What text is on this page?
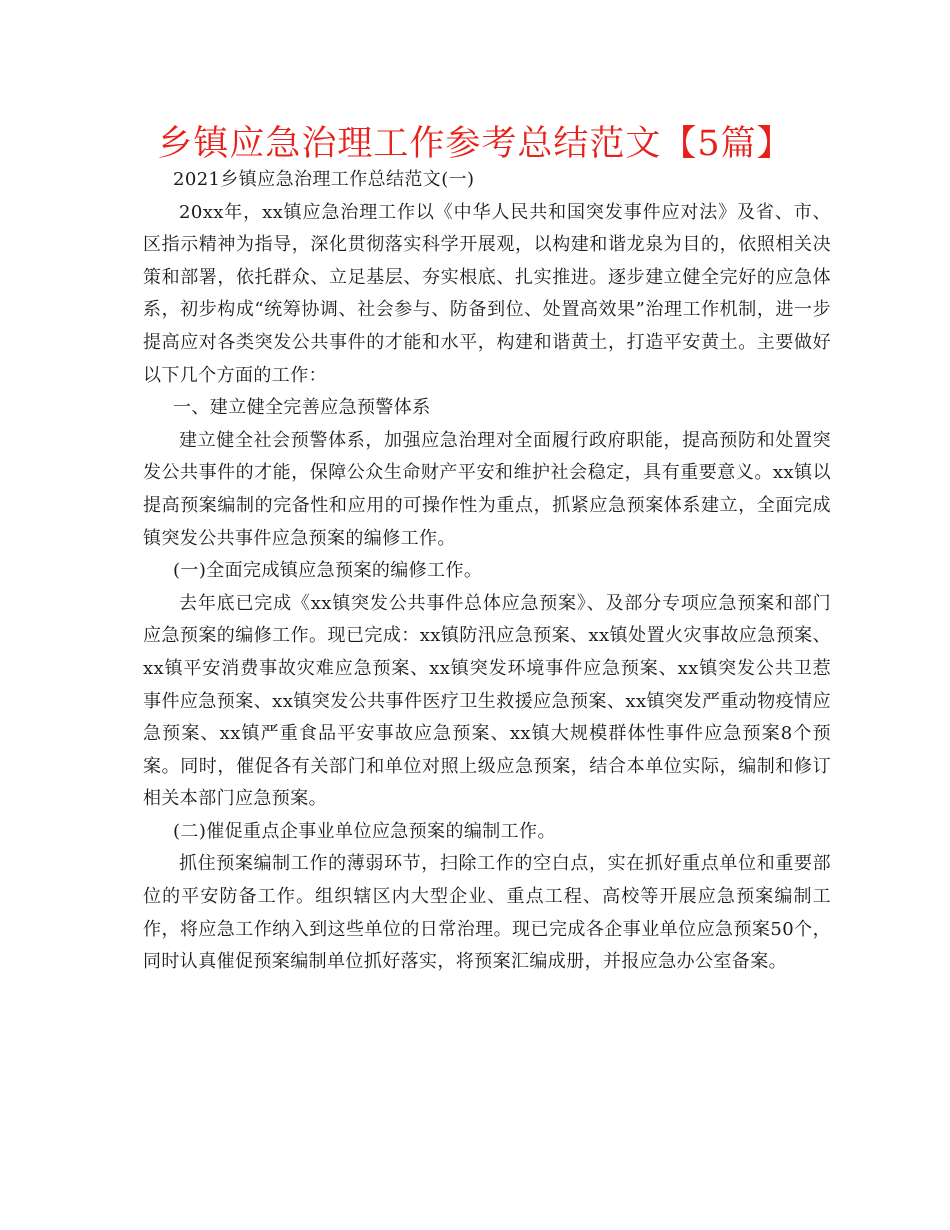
乡镇应急治理工作参考总结范文【5篇】

2021乡镇应急治理工作总结范文(一)

20xx年，xx镇应急治理工作以《中华人民共和国突发事件应对法》及省、市、区指示精神为指导，深化贯彻落实科学开展观，以构建和谐龙泉为目的，依照相关决策和部署，依托群众、立足基层、夯实根底、扎实推进。逐步建立健全完好的应急体系，初步构成“统筹协调、社会参与、防备到位、处置高效果”治理工作机制，进一步提高应对各类突发公共事件的才能和水平，构建和谐黄土，打造平安黄土。主要做好以下几个方面的工作：

一、建立健全完善应急预警体系

建立健全社会预警体系，加强应急治理对全面履行政府职能，提高预防和处置突发公共事件的才能，保障公众生命财产平安和维护社会稳定，具有重要意义。xx镇以提高预案编制的完备性和应用的可操作性为重点，抓紧应急预案体系建立，全面完成镇突发公共事件应急预案的编修工作。

(一)全面完成镇应急预案的编修工作。

去年底已完成《xx镇突发公共事件总体应急预案》、及部分专项应急预案和部门应急预案的编修工作。现已完成：xx镇防汛应急预案、xx镇处置火灾事故应急预案、xx镇平安消费事故灾难应急预案、xx镇突发环境事件应急预案、xx镇突发公共卫惹事件应急预案、xx镇突发公共事件医疗卫生救援应急预案、xx镇突发严重动物疫情应急预案、xx镇严重食品平安事故应急预案、xx镇大规模群体性事件应急预案8个预案。同时，催促各有关部门和单位对照上级应急预案，结合本单位实际，编制和修订相关本部门应急预案。

(二)催促重点企事业单位应急预案的编制工作。

抓住预案编制工作的薄弱环节，扫除工作的空白点，实在抓好重点单位和重要部位的平安防备工作。组织辖区内大型企业、重点工程、高校等开展应急预案编制工作，将应急工作纳入到这些单位的日常治理。现已完成各企事业单位应急预案50个，同时认真催促预案编制单位抓好落实，将预案汇编成册，并报应急办公室备案。
